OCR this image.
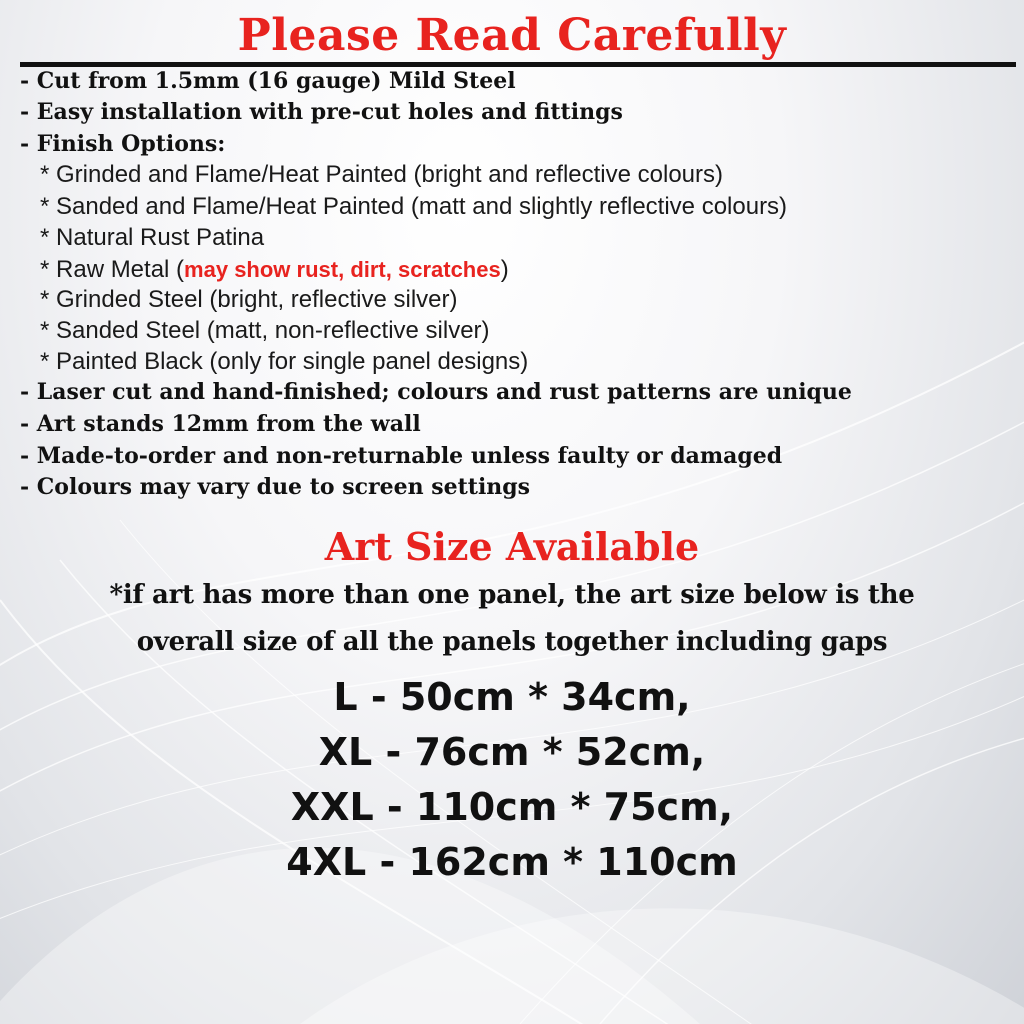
Please Read Carefully
- Cut from 1.5mm (16 gauge) Mild Steel
- Easy installation with pre-cut holes and fittings
- Finish Options:
* Grinded and Flame/Heat Painted (bright and reflective colours)
* Sanded and Flame/Heat Painted (matt and slightly reflective colours)
* Natural Rust Patina
* Raw Metal (may show rust, dirt, scratches)
* Grinded Steel (bright, reflective silver)
* Sanded Steel (matt, non-reflective silver)
* Painted Black (only for single panel designs)
- Laser cut and hand-finished; colours and rust patterns are unique
- Art stands 12mm from the wall
- Made-to-order and non-returnable unless faulty or damaged
- Colours may vary due to screen settings
Art Size Available
*if art has more than one panel, the art size below is the
overall size of all the panels together including gaps
L - 50cm * 34cm,
XL - 76cm * 52cm,
XXL - 110cm * 75cm,
4XL - 162cm * 110cm
